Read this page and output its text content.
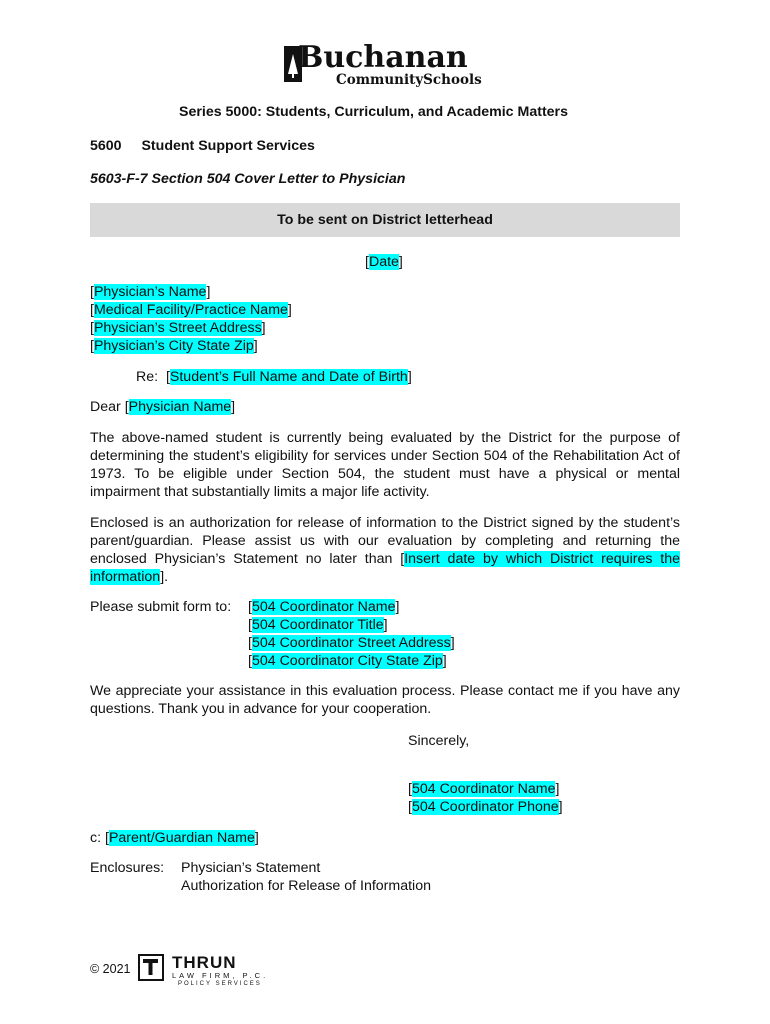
Buchanan
CommunitySchools
Series 5000: Students, Curriculum, and Academic Matters
5600 Student Support Services
5603-F-7 Section 504 Cover Letter to Physician
To be sent on District letterhead
[Date]
[Physician’s Name]
[Medical Facility/Practice Name]
[Physician’s Street Address]
[Physician’s City State Zip]
Re:  [Student’s Full Name and Date of Birth]
Dear [Physician Name]
The above-named student is currently being evaluated by the District for the purpose of determining the student’s eligibility for services under Section 504 of the Rehabilitation Act of 1973. To be eligible under Section 504, the student must have a physical or mental impairment that substantially limits a major life activity.
Enclosed is an authorization for release of information to the District signed by the student’s parent/guardian. Please assist us with our evaluation by completing and returning the enclosed Physician’s Statement no later than [Insert date by which District requires the information].
Please submit form to: [504 Coordinator Name]
[504 Coordinator Title]
[504 Coordinator Street Address]
[504 Coordinator City State Zip]
We appreciate your assistance in this evaluation process. Please contact me if you have any questions. Thank you in advance for your cooperation.
Sincerely,
[504 Coordinator Name]
[504 Coordinator Phone]
c: [Parent/Guardian Name]
Enclosures: Physician’s Statement
Authorization for Release of Information
© 2021 THRUN
LAW FIRM, P.C.
POLICY SERVICES
